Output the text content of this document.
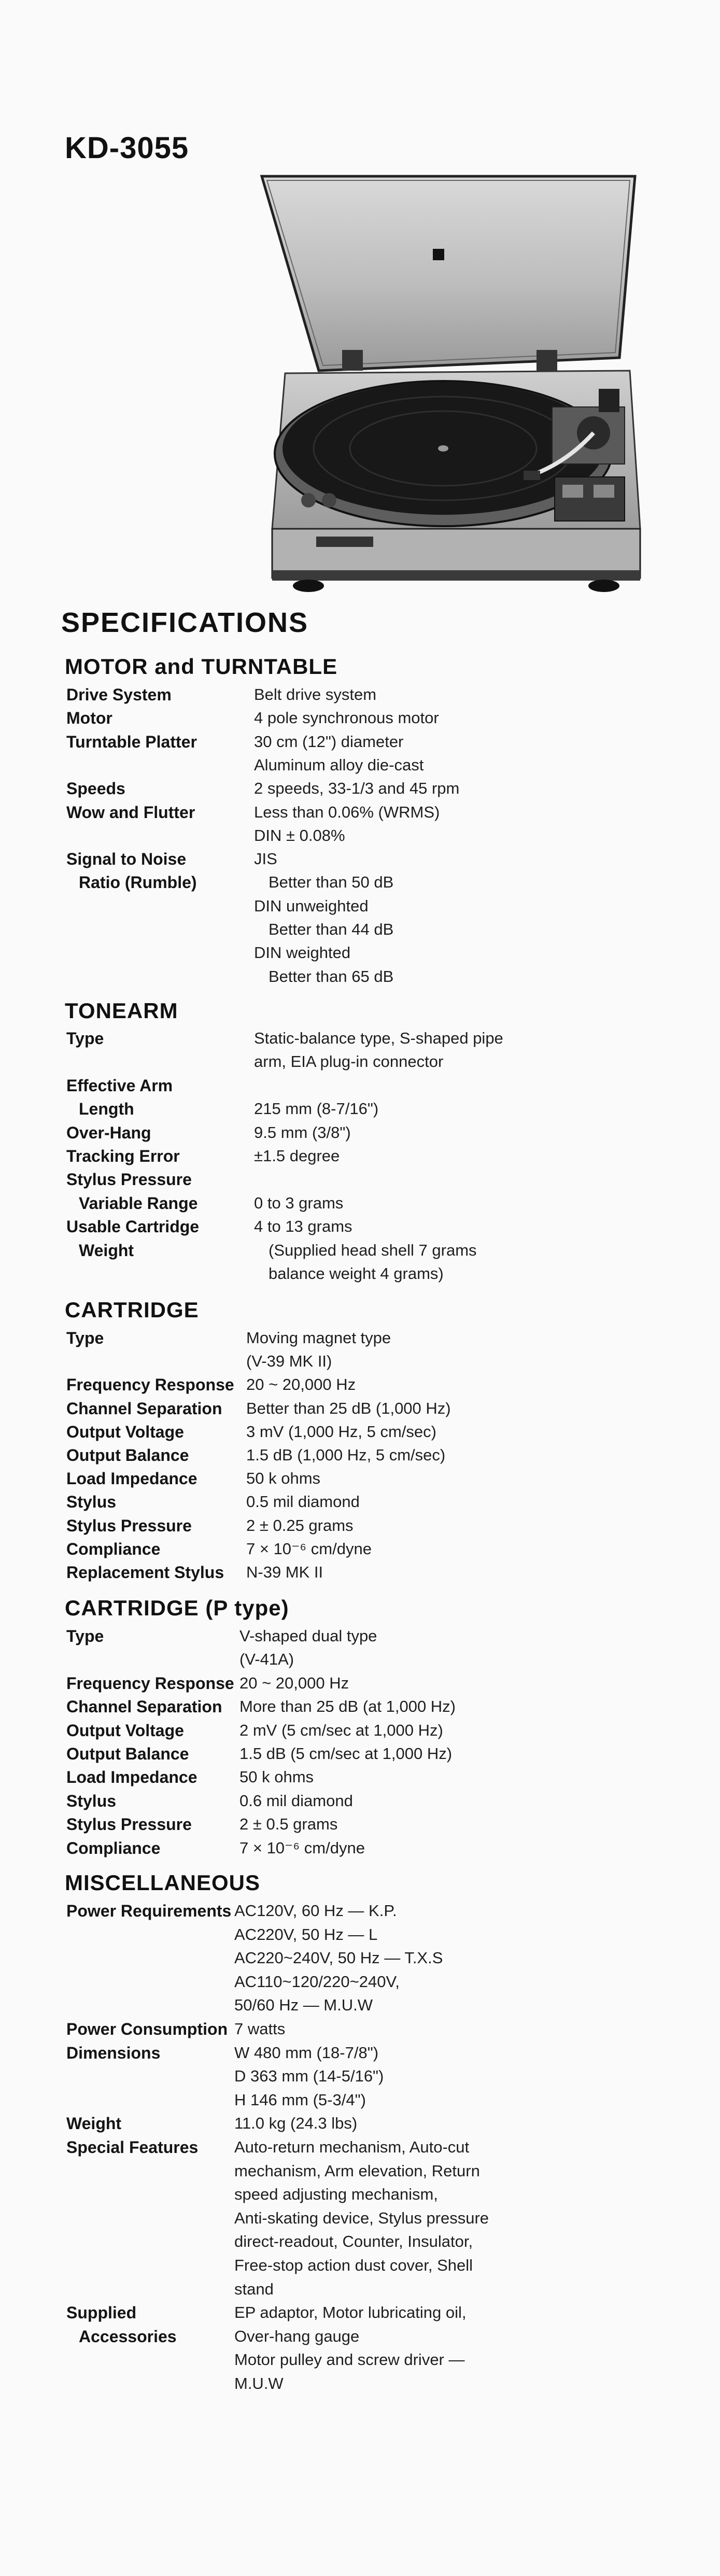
KD-3055
SPECIFICATIONS
MOTOR and TURNTABLE
Drive System	Belt drive system
Motor	4 pole synchronous motor
Turntable Platter	30 cm (12") diameter
Aluminum alloy die-cast
Speeds	2 speeds, 33-1/3 and 45 rpm
Wow and Flutter	Less than 0.06% (WRMS)
DIN ± 0.08%
Signal to Noise	JIS
Ratio (Rumble)	Better than 50 dB
DIN unweighted
Better than 44 dB
DIN weighted
Better than 65 dB
TONEARM
Type	Static-balance type, S-shaped pipe
arm, EIA plug-in connector
Effective Arm
Length	215 mm (8-7/16")
Over-Hang	9.5 mm (3/8")
Tracking Error	±1.5 degree
Stylus Pressure
Variable Range	0 to 3 grams
Usable Cartridge	4 to 13 grams
Weight	(Supplied head shell 7 grams
balance weight 4 grams)
CARTRIDGE
Type	Moving magnet type
(V-39 MK II)
Frequency Response 20 ~ 20,000 Hz
Channel Separation Better than 25 dB (1,000 Hz)
Output Voltage	3 mV (1,000 Hz, 5 cm/sec)
Output Balance	1.5 dB (1,000 Hz, 5 cm/sec)
Load Impedance	50 k ohms
Stylus	0.5 mil diamond
Stylus Pressure	2 ± 0.25 grams
Compliance	7 × 10⁻⁶ cm/dyne
Replacement Stylus N-39 MK II
CARTRIDGE (P type)
Type	V-shaped dual type
(V-41A)
Frequency Response 20 ~ 20,000 Hz
Channel Separation More than 25 dB (at 1,000 Hz)
Output Voltage	2 mV (5 cm/sec at 1,000 Hz)
Output Balance	1.5 dB (5 cm/sec at 1,000 Hz)
Load Impedance	50 k ohms
Stylus	0.6 mil diamond
Stylus Pressure	2 ± 0.5 grams
Compliance	7 × 10⁻⁶ cm/dyne
MISCELLANEOUS
Power Requirements AC120V, 60 Hz — K.P.
AC220V, 50 Hz — L
AC220~240V, 50 Hz — T.X.S
AC110~120/220~240V,
50/60 Hz — M.U.W
Power Consumption 7 watts
Dimensions	W 480 mm (18-7/8")
D 363 mm (14-5/16")
H 146 mm (5-3/4")
Weight	11.0 kg (24.3 lbs)
Special Features Auto-return mechanism, Auto-cut
mechanism, Arm elevation, Return
speed adjusting mechanism,
Anti-skating device, Stylus pressure
direct-readout, Counter, Insulator,
Free-stop action dust cover, Shell
stand
Supplied	EP adaptor, Motor lubricating oil,
Accessories	Over-hang gauge
Motor pulley and screw driver —
M.U.W
